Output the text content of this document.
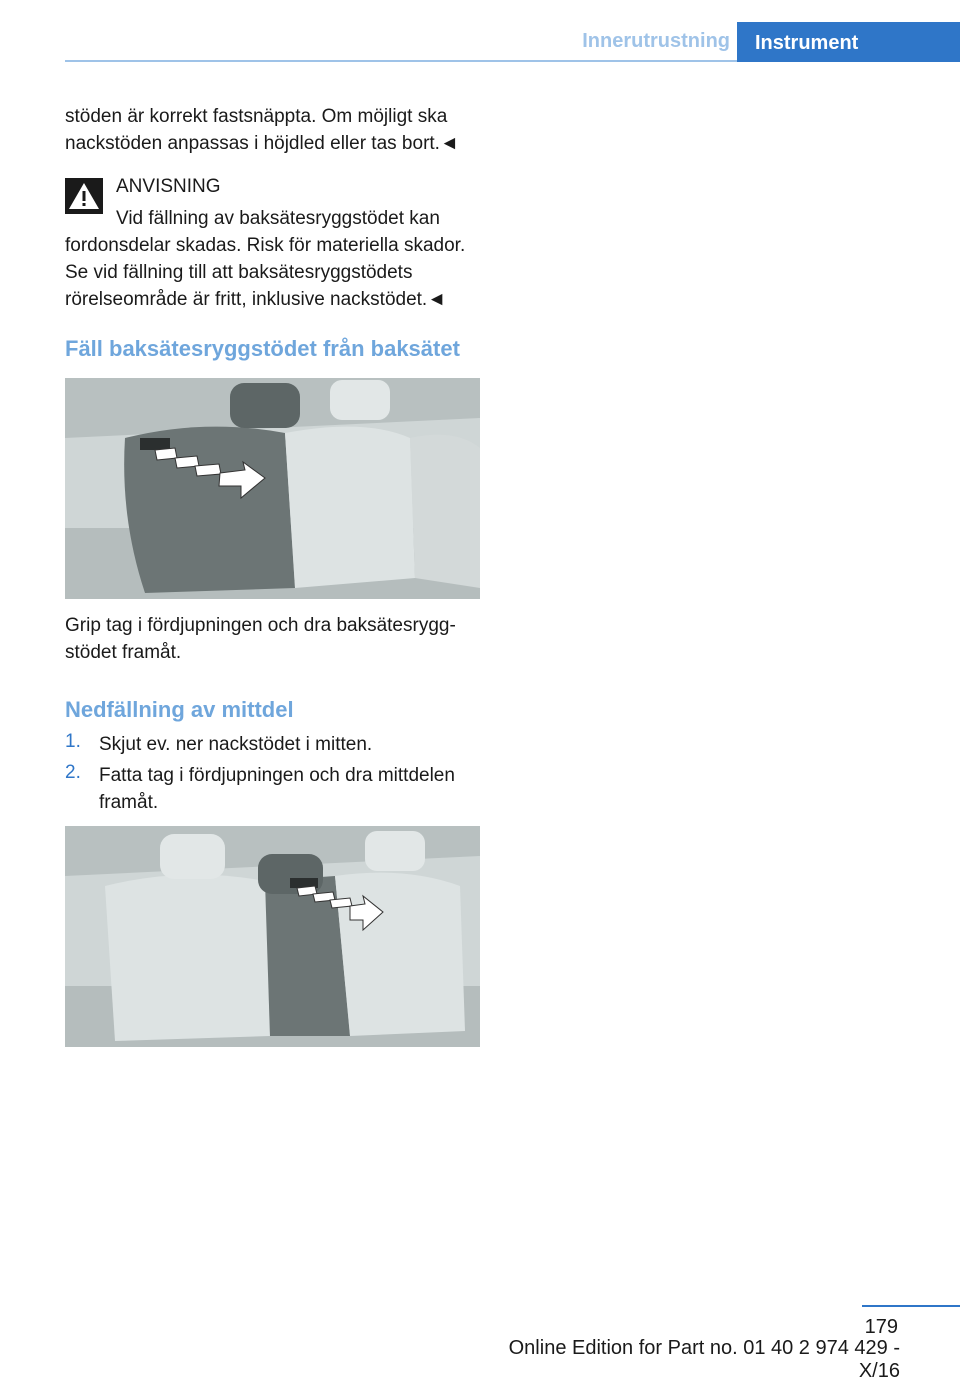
Innerutrustning	Instrument

stöden är korrekt fastsnäppta. Om möjligt ska nackstöden anpassas i höjdled eller tas bort.◄

ANVISNING

Vid fällning av baksätesryggstödet kan

fordonsdelar skadas. Risk för materiella skador. Se vid fällning till att baksätesryggstödets rörelseområde är fritt, inklusive nackstödet.◄

Fäll baksätesryggstödet från baksätet

Grip tag i fördjupningen och dra baksätesryggstödet framåt.

Nedfällning av mittdel
1. Skjut ev. ner nackstödet i mitten.
2. Fatta tag i fördjupningen och dra mittdelen framåt.
179
Online Edition for Part no. 01 40 2 974 429 - X/16
